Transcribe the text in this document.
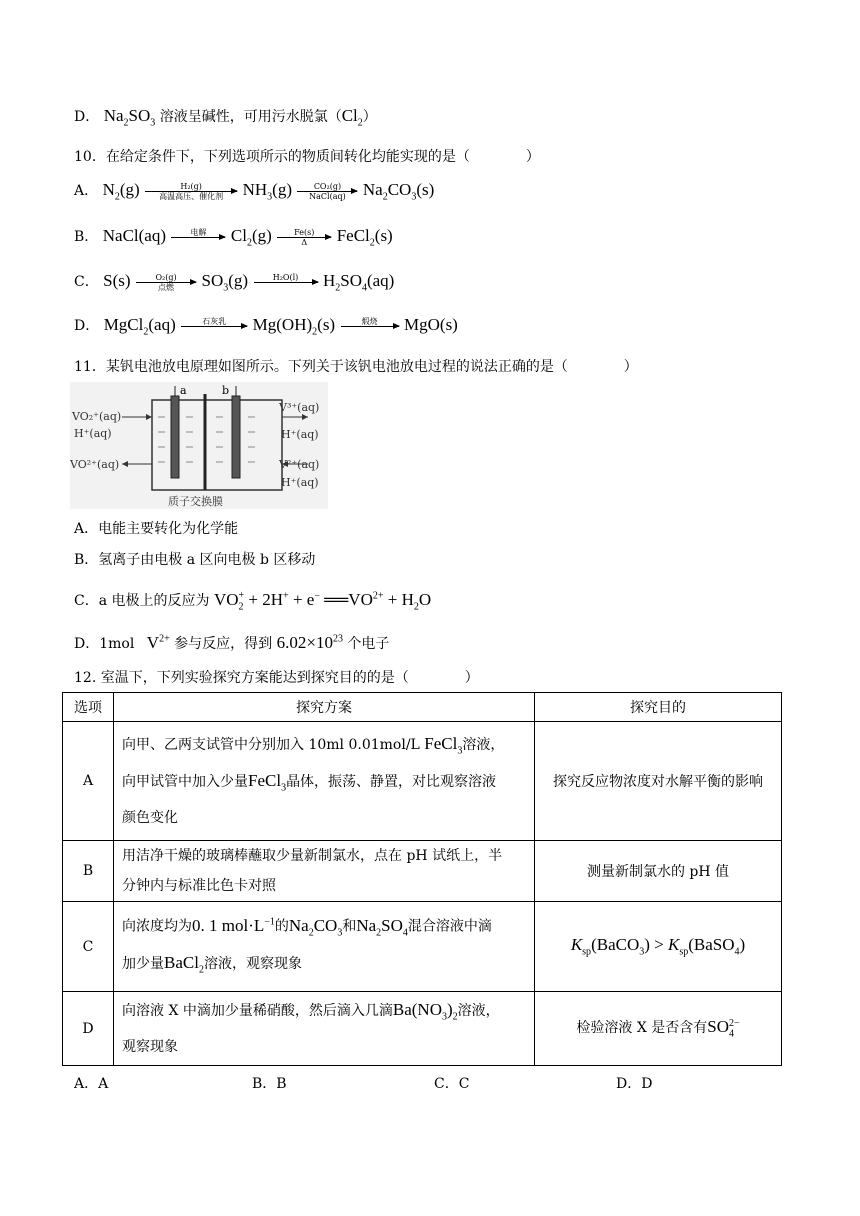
D． $Na_2SO_3$ 溶液呈碱性，可用污水脱氯$(Cl_2)$
10．在给定条件下，下列选项所示的物质间转化均能实现的是（　　　　）
A． $N_2(g)$	H₂(g)
高温高压、催化剂	$NH_3(g)$	CO₂(g)
NaCl(aq)	$Na_2CO_3(s)$
B． NaCl(aq)	电解
	$Cl_2(g) \frac{Fe(s)}{\Delta}$ FeCl$_2$(s)
C． S(s)	O₂(g)
点燃	$SO_3(g)$	H₂O(l)
	$H_2SO_4(aq)$
D． MgCl$_2$(aq)	石灰乳
	$Mg(OH)_2(s)$	煅烧
	MgO(s)
11．某钒电池放电原理如图所示。下列关于该钒电池放电过程的说法正确的是（　　　　）
a	b
VO₂⁺(aq)
H⁺(aq)
VO²⁺(aq)
V³⁺(aq)
H⁺(aq)
V²⁺(aq)
H⁺(aq)
质子交换膜
A．电能主要转化为化学能
B．氢离子由电极 a 区向电极 b 区移动
C．a 电极上的反应为 $VO_2^+ + 2H^+ + e^-$ $══VO^{2+} + H_2O$
D．1mol $V^{2+}$ 参与反应，得到 $6.02\times 10^{23}$ 个电子
12. 室温下，下列实验探究方案能达到探究目的的是（　　　　）
选项	探究方案	探究目的
A	向甲、乙两支试管中分别加入 10ml 0.01mol/L FeCl$_3$溶液，
向甲试管中加入少量FeCl$_3$晶体，振荡、静置，对比观察溶液
颜色变化	探究反应物浓度对水解平衡的影响
B	用洁净干燥的玻璃棒蘸取少量新制氯水，点在 pH 试纸上，半
分钟内与标准比色卡对照	测量新制氯水的 pH 值
C	向浓度均为0. 1 $mol\cdot L^{-1}$的$Na_2CO_3$和$Na_2SO_4$混合溶液中滴
加少量BaCl$_2$溶液，观察现象	$K_{sp}(BaCO_3)$ > $K_{sp}(BaSO_4)$
D	向溶液 X 中滴加少量稀硝酸，然后滴入几滴$Ba(NO_3)_2$溶液，
观察现象	检验溶液 X 是否含有$SO_4^{2-}$
A．A	B．B	C．C	D．D
